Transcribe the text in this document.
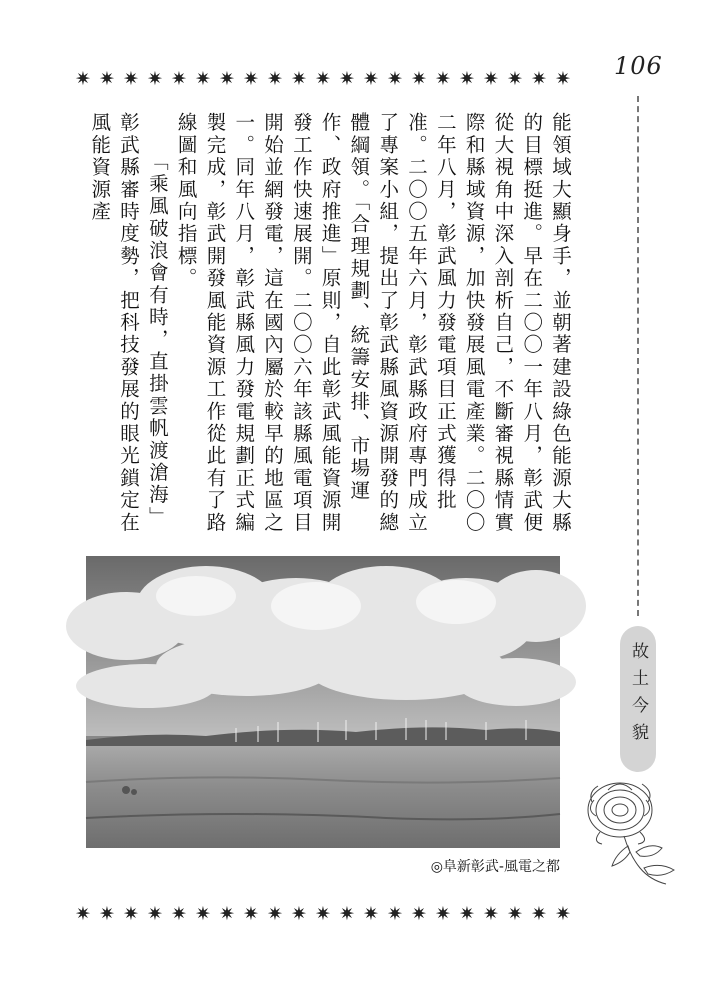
106
✷ ✷ ✷ ✷ ✷ ✷ ✷ ✷ ✷ ✷ ✷ ✷ ✷ ✷ ✷ ✷ ✷ ✷ ✷ ✷ ✷
✷ ✷ ✷ ✷ ✷ ✷ ✷ ✷ ✷ ✷ ✷ ✷ ✷ ✷ ✷ ✷ ✷ ✷ ✷ ✷ ✷
故土今貌

能領域大顯身手，並朝著建設綠色能源大縣的目標挺進。早在二〇〇一年八月，彰武便從大視角中深入剖析自己，不斷審視縣情實際和縣域資源，加快發展風電產業。二〇〇二年八月，彰武風力發電項目正式獲得批准。二〇〇五年六月，彰武縣政府專門成立了專案小組，提出了彰武縣風資源開發的總體綱領。「合理規劃、統籌安排、市場運作、政府推進」原則，自此彰武風能資源開發工作快速展開。二〇〇六年該縣風電項目開始並網發電，這在國內屬於較早的地區之一。同年八月，彰武縣風力發電規劃正式編製完成，彰武開發風能資源工作從此有了路線圖和風向指標。

「乘風破浪會有時，直掛雲帆渡滄海」彰武縣審時度勢，把科技發展的眼光鎖定在風能資源產

◎阜新彰武-風電之都
